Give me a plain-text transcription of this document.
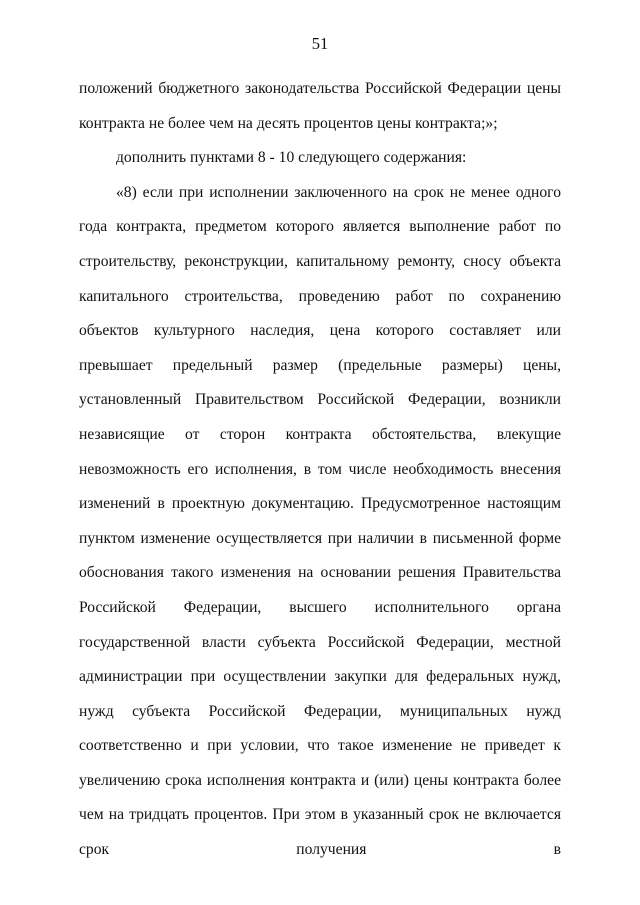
51

положений бюджетного законодательства Российской Федерации цены контракта не более чем на десять процентов цены контракта;»;

дополнить пунктами 8 - 10 следующего содержания:

«8) если при исполнении заключенного на срок не менее одного года контракта, предметом которого является выполнение работ по строительству, реконструкции, капитальному ремонту, сносу объекта капитального строительства, проведению работ по сохранению объектов культурного наследия, цена которого составляет или превышает предельный размер (предельные размеры) цены, установленный Правительством Российской Федерации, возникли независящие от сторон контракта обстоятельства, влекущие невозможность его исполнения, в том числе необходимость внесения изменений в проектную документацию. Предусмотренное настоящим пунктом изменение осуществляется при наличии в письменной форме обоснования такого изменения на основании решения Правительства Российской Федерации, высшего исполнительного органа государственной власти субъекта Российской Федерации, местной администрации при осуществлении закупки для федеральных нужд, нужд субъекта Российской Федерации, муниципальных нужд соответственно и при условии, что такое изменение не приведет к увеличению срока исполнения контракта и (или) цены контракта более чем на тридцать процентов. При этом в указанный срок не включается срок получения в
